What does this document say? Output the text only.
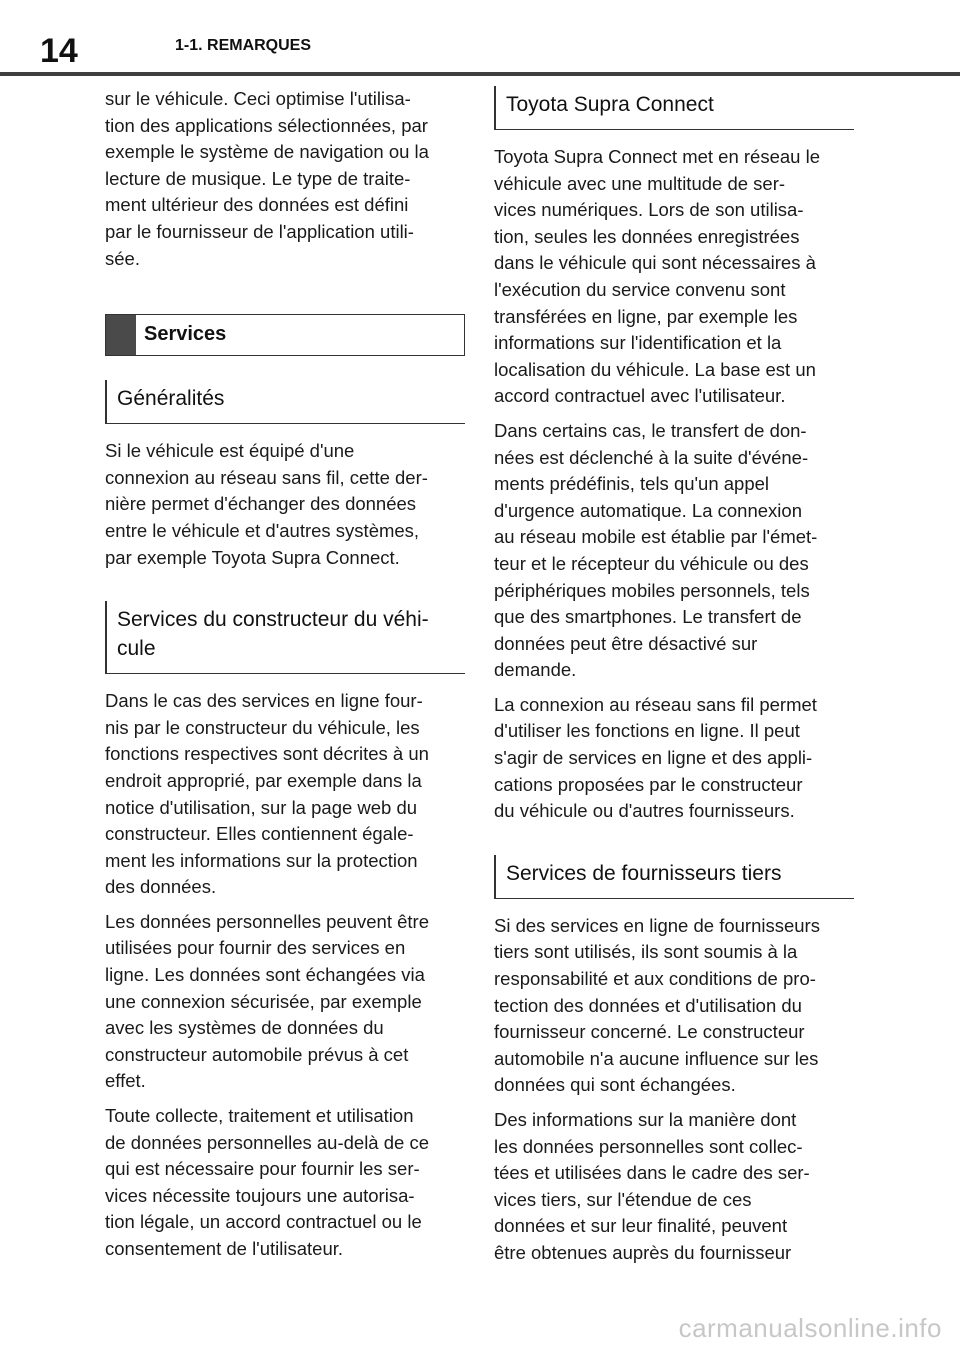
14	1-1. REMARQUES

sur le véhicule. Ceci optimise l'utilisa-
tion des applications sélectionnées, par
exemple le système de navigation ou la
lecture de musique. Le type de traite-
ment ultérieur des données est défini
par le fournisseur de l'application utili-
sée.

Services
Généralités

Si le véhicule est équipé d'une
connexion au réseau sans fil, cette der-
nière permet d'échanger des données
entre le véhicule et d'autres systèmes,
par exemple Toyota Supra Connect.

Services du constructeur du véhi-
cule

Dans le cas des services en ligne four-
nis par le constructeur du véhicule, les
fonctions respectives sont décrites à un
endroit approprié, par exemple dans la
notice d'utilisation, sur la page web du
constructeur. Elles contiennent égale-
ment les informations sur la protection
des données.

Les données personnelles peuvent être
utilisées pour fournir des services en
ligne. Les données sont échangées via
une connexion sécurisée, par exemple
avec les systèmes de données du
constructeur automobile prévus à cet
effet.

Toute collecte, traitement et utilisation
de données personnelles au-delà de ce
qui est nécessaire pour fournir les ser-
vices nécessite toujours une autorisa-
tion légale, un accord contractuel ou le
consentement de l'utilisateur.

Toyota Supra Connect

Toyota Supra Connect met en réseau le
véhicule avec une multitude de ser-
vices numériques. Lors de son utilisa-
tion, seules les données enregistrées
dans le véhicule qui sont nécessaires à
l'exécution du service convenu sont
transférées en ligne, par exemple les
informations sur l'identification et la
localisation du véhicule. La base est un
accord contractuel avec l'utilisateur.

Dans certains cas, le transfert de don-
nées est déclenché à la suite d'événe-
ments prédéfinis, tels qu'un appel
d'urgence automatique. La connexion
au réseau mobile est établie par l'émet-
teur et le récepteur du véhicule ou des
périphériques mobiles personnels, tels
que des smartphones. Le transfert de
données peut être désactivé sur
demande.

La connexion au réseau sans fil permet
d'utiliser les fonctions en ligne. Il peut
s'agir de services en ligne et des appli-
cations proposées par le constructeur
du véhicule ou d'autres fournisseurs.

Services de fournisseurs tiers

Si des services en ligne de fournisseurs
tiers sont utilisés, ils sont soumis à la
responsabilité et aux conditions de pro-
tection des données et d'utilisation du
fournisseur concerné. Le constructeur
automobile n'a aucune influence sur les
données qui sont échangées.

Des informations sur la manière dont
les données personnelles sont collec-
tées et utilisées dans le cadre des ser-
vices tiers, sur l'étendue de ces
données et sur leur finalité, peuvent
être obtenues auprès du fournisseur

carmanualsonline.info
